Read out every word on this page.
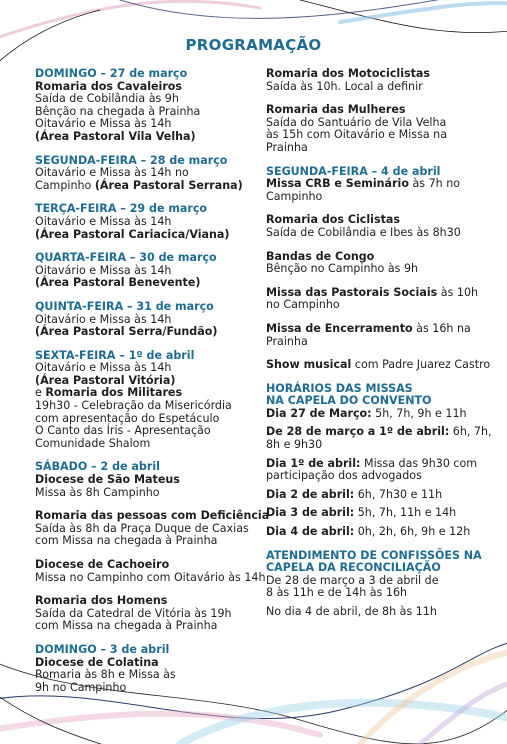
PROGRAMAÇÃO
DOMINGO – 27 de março
Romaria dos Cavaleiros
Saída de Cobilândia às 9h
Bênção na chegada à Prainha
Oitavário e Missa às 14h
(Área Pastoral Vila Velha)
SEGUNDA-FEIRA – 28 de março
Oitavário e Missa às 14h no
Campinho (Área Pastoral Serrana)
TERÇA-FEIRA – 29 de março
Oitavário e Missa às 14h
(Área Pastoral Cariacica/Viana)
QUARTA-FEIRA – 30 de março
Oitavário e Missa às 14h
(Área Pastoral Benevente)
QUINTA-FEIRA – 31 de março
Oitavário e Missa às 14h
(Área Pastoral Serra/Fundão)
SEXTA-FEIRA – 1º de abril
Oitavário e Missa às 14h
(Área Pastoral Vitória)
e Romaria dos Militares
19h30 - Celebração da Misericórdia
com apresentação do Espetáculo
O Canto das Íris - Apresentação
Comunidade Shalom
SÁBADO – 2 de abril
Diocese de São Mateus
Missa às 8h Campinho
Romaria das pessoas com Deficiência
Saída às 8h da Praça Duque de Caxias
com Missa na chegada à Prainha
Diocese de Cachoeiro
Missa no Campinho com Oitavário às 14h
Romaria dos Homens
Saída da Catedral de Vitória às 19h
com Missa na chegada à Prainha
DOMINGO – 3 de abril
Diocese de Colatina
Romaria às 8h e Missa às
9h no Campinho
Romaria dos Motociclistas
Saída às 10h. Local a definir
Romaria das Mulheres
Saída do Santuário de Vila Velha
às 15h com Oitavário e Missa na
Prainha
SEGUNDA-FEIRA – 4 de abril
Missa CRB e Seminário às 7h no
Campinho
Romaria dos Ciclistas
Saída de Cobilândia e Ibes às 8h30
Bandas de Congo
Bênção no Campinho às 9h
Missa das Pastorais Sociais às 10h
no Campinho
Missa de Encerramento às 16h na
Prainha
Show musical com Padre Juarez Castro
HORÁRIOS DAS MISSAS
NA CAPELA DO CONVENTO
Dia 27 de Março: 5h, 7h, 9h e 11h
De 28 de março a 1º de abril: 6h, 7h,
8h e 9h30
Dia 1º de abril: Missa das 9h30 com
participação dos advogados
Dia 2 de abril: 6h, 7h30 e 11h
Dia 3 de abril: 5h, 7h, 11h e 14h
Dia 4 de abril: 0h, 2h, 6h, 9h e 12h
ATENDIMENTO DE CONFISSÕES NA
CAPELA DA RECONCILIAÇÃO
De 28 de março a 3 de abril de
8 às 11h e de 14h às 16h
No dia 4 de abril, de 8h às 11h
